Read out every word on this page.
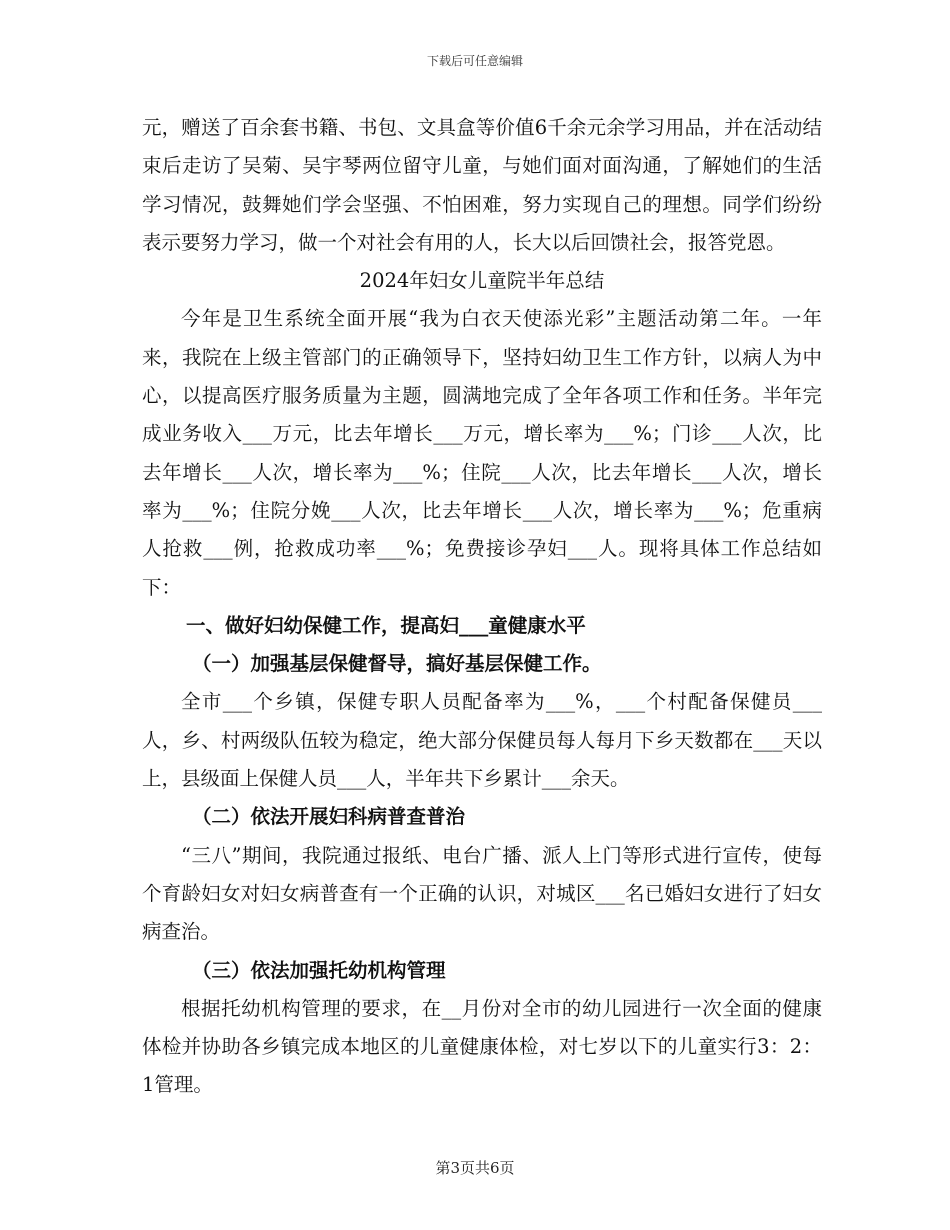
下载后可任意编辑

元，赠送了百余套书籍、书包、文具盒等价值6千余元余学习用品，并在活动结束后走访了吴菊、吴宇琴两位留守儿童，与她们面对面沟通，了解她们的生活学习情况，鼓舞她们学会坚强、不怕困难，努力实现自己的理想。同学们纷纷表示要努力学习，做一个对社会有用的人，长大以后回馈社会，报答党恩。

2024年妇女儿童院半年总结

今年是卫生系统全面开展“我为白衣天使添光彩”主题活动第二年。一年来，我院在上级主管部门的正确领导下，坚持妇幼卫生工作方针，以病人为中心，以提高医疗服务质量为主题，圆满地完成了全年各项工作和任务。半年完成业务收入___万元，比去年增长___万元，增长率为___%；门诊___人次，比去年增长___人次，增长率为___%；住院___人次，比去年增长___人次，增长率为___%；住院分娩___人次，比去年增长___人次，增长率为___%；危重病人抢救___例，抢救成功率___%；免费接诊孕妇___人。现将具体工作总结如下：

一、做好妇幼保健工作，提高妇___童健康水平

（一）加强基层保健督导，搞好基层保健工作。

全市___个乡镇，保健专职人员配备率为___%，___个村配备保健员___人，乡、村两级队伍较为稳定，绝大部分保健员每人每月下乡天数都在___天以上，县级面上保健人员___人，半年共下乡累计___余天。

（二）依法开展妇科病普查普治

“三八”期间，我院通过报纸、电台广播、派人上门等形式进行宣传，使每个育龄妇女对妇女病普查有一个正确的认识，对城区___名已婚妇女进行了妇女病查治。

（三）依法加强托幼机构管理

根据托幼机构管理的要求，在__月份对全市的幼儿园进行一次全面的健康体检并协助各乡镇完成本地区的儿童健康体检，对七岁以下的儿童实行3：2：1管理。

第3页共6页
